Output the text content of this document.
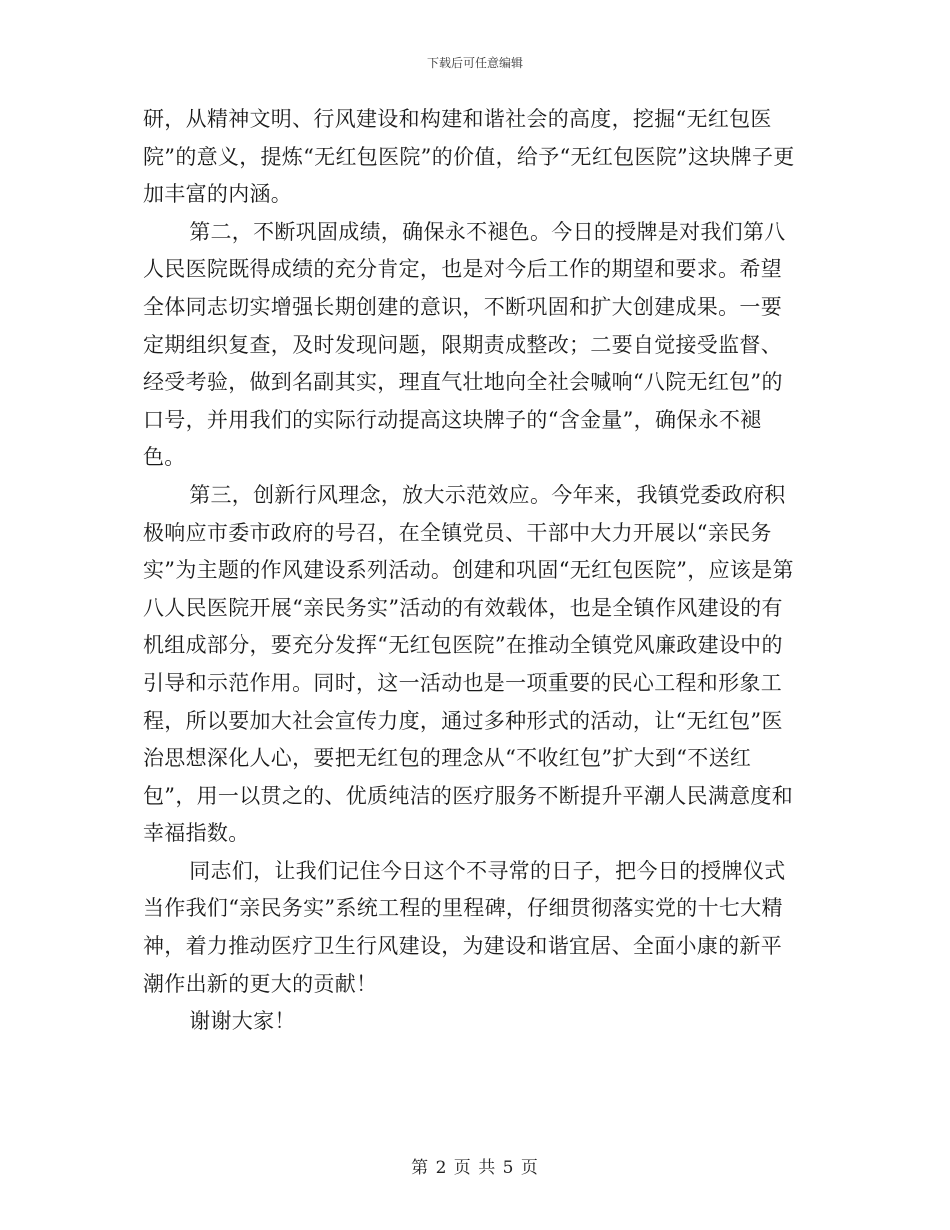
下载后可任意编辑

研，从精神文明、行风建设和构建和谐社会的高度，挖掘“无红包医院”的意义，提炼“无红包医院”的价值，给予“无红包医院”这块牌子更加丰富的内涵。

第二，不断巩固成绩，确保永不褪色。今日的授牌是对我们第八人民医院既得成绩的充分肯定，也是对今后工作的期望和要求。希望全体同志切实增强长期创建的意识，不断巩固和扩大创建成果。一要定期组织复查，及时发现问题，限期责成整改；二要自觉接受监督、经受考验，做到名副其实，理直气壮地向全社会喊响“八院无红包”的口号，并用我们的实际行动提高这块牌子的“含金量”，确保永不褪色。

第三，创新行风理念，放大示范效应。今年来，我镇党委政府积极响应市委市政府的号召，在全镇党员、干部中大力开展以“亲民务实”为主题的作风建设系列活动。创建和巩固“无红包医院”，应该是第八人民医院开展“亲民务实”活动的有效载体，也是全镇作风建设的有机组成部分，要充分发挥“无红包医院”在推动全镇党风廉政建设中的引导和示范作用。同时，这一活动也是一项重要的民心工程和形象工程，所以要加大社会宣传力度，通过多种形式的活动，让“无红包”医治思想深化人心，要把无红包的理念从“不收红包”扩大到“不送红包”，用一以贯之的、优质纯洁的医疗服务不断提升平潮人民满意度和幸福指数。

同志们，让我们记住今日这个不寻常的日子，把今日的授牌仪式当作我们“亲民务实”系统工程的里程碑，仔细贯彻落实党的十七大精神，着力推动医疗卫生行风建设，为建设和谐宜居、全面小康的新平潮作出新的更大的贡献！

谢谢大家！

第 2 页 共 5 页
